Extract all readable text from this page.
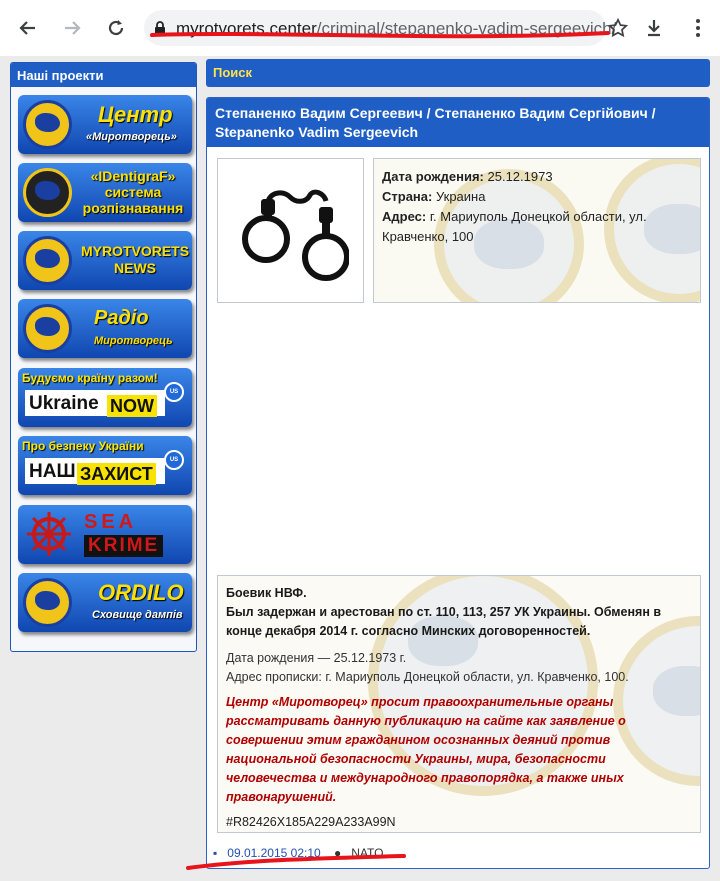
myrotvorets.center/criminal/stepanenko-vadim-sergeevich/
Наші проекти
Центр
«Миротворець»
«IDentigraF» система розпізнавання
MYROTVORETS NEWS
Радіо
Миротворець
Будуємо країну разом!
Ukraine NOW
US
Про безпеку України
НАШ ЗАХИСТ
US
SEA
KRIME
ORDILO
Сховище дампів
Поиск
Степаненко Вадим Сергеевич / Степаненко Вадим Сергійович / Stepanenko Vadim Sergeevich
Дата рождения: 25.12.1973
Страна: Украина
Адрес: г. Мариуполь Донецкой области, ул. Кравченко, 100
Боевик НВФ.
Был задержан и арестован по ст. 110, 113, 257 УК Украины. Обменян в конце декабря 2014 г. согласно Минских договоренностей.
Дата рождения — 25.12.1973 г.
Адрес прописки: г. Мариуполь Донецкой области, ул. Кравченко, 100.
Центр «Миротворец» просит правоохранительные органы рассматривать данную публикацию на сайте как заявление о совершении этим гражданином осознанных деяний против национальной безопасности Украины, мира, безопасности человечества и международного правопорядка, а также иных правонарушений.
#R82426X185A229A233A99N
▪ 09.01.2015 02:10 ● NATO
